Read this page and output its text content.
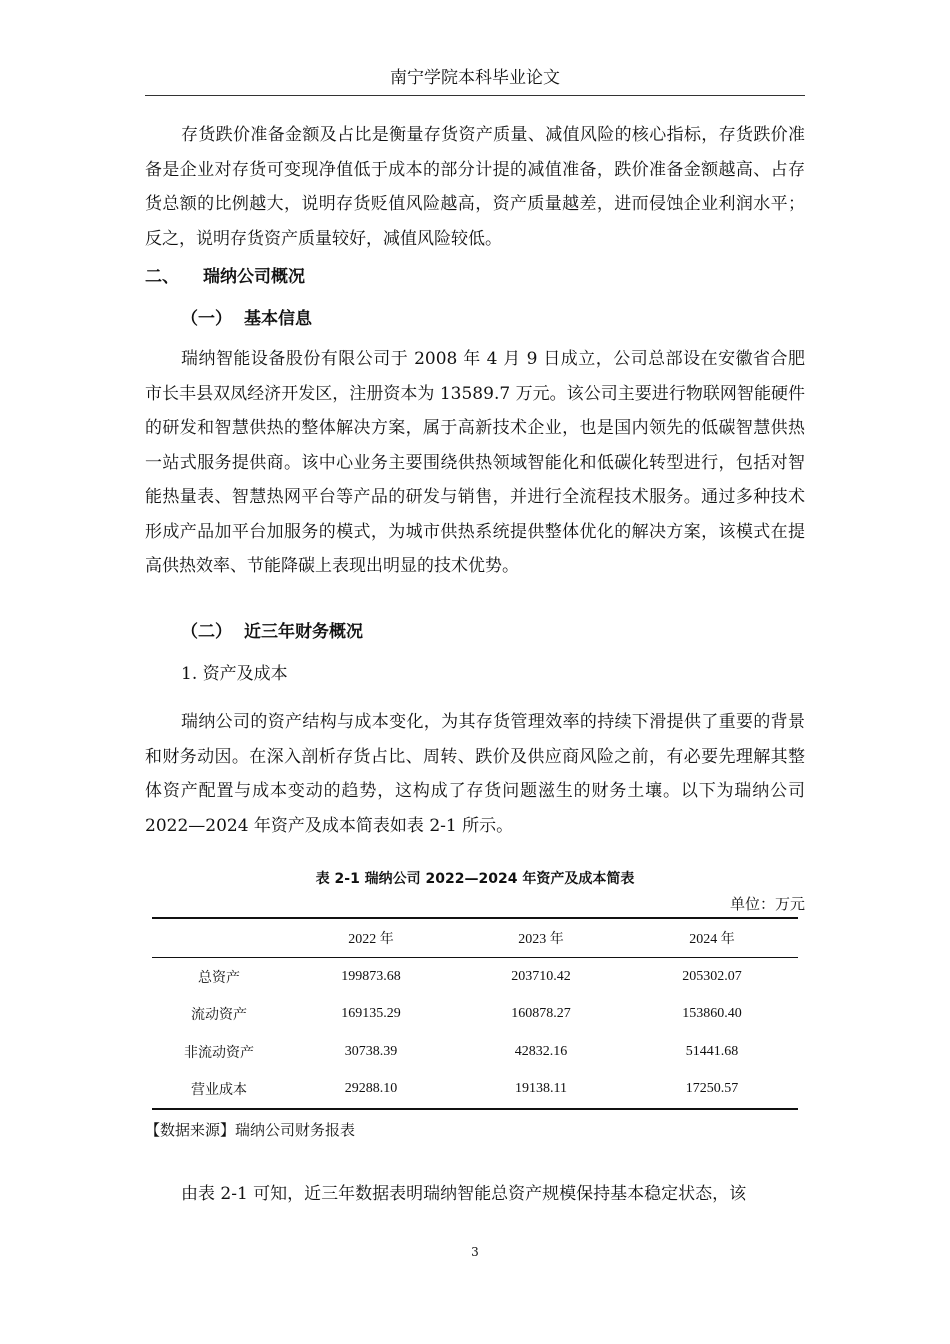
南宁学院本科毕业论文

存货跌价准备金额及占比是衡量存货资产质量、减值风险的核心指标，存货跌价准备是企业对存货可变现净值低于成本的部分计提的减值准备，跌价准备金额越高、占存货总额的比例越大，说明存货贬值风险越高，资产质量越差，进而侵蚀企业利润水平；反之，说明存货资产质量较好，减值风险较低。

二、 瑞纳公司概况
（一） 基本信息

瑞纳智能设备股份有限公司于 2008 年 4 月 9 日成立，公司总部设在安徽省合肥市长丰县双凤经济开发区，注册资本为 13589.7 万元。该公司主要进行物联网智能硬件的研发和智慧供热的整体解决方案，属于高新技术企业，也是国内领先的低碳智慧供热一站式服务提供商。该中心业务主要围绕供热领域智能化和低碳化转型进行，包括对智能热量表、智慧热网平台等产品的研发与销售，并进行全流程技术服务。通过多种技术形成产品加平台加服务的模式，为城市供热系统提供整体优化的解决方案，该模式在提高供热效率、节能降碳上表现出明显的技术优势。

（二） 近三年财务概况

1. 资产及成本

瑞纳公司的资产结构与成本变化，为其存货管理效率的持续下滑提供了重要的背景和财务动因。在深入剖析存货占比、周转、跌价及供应商风险之前，有必要先理解其整体资产配置与成本变动的趋势，这构成了存货问题滋生的财务土壤。以下为瑞纳公司 2022—2024 年资产及成本简表如表 2-1 所示。

表 2-1 瑞纳公司 2022—2024 年资产及成本简表
单位：万元
	2022 年	2023 年	2024 年
总资产	199873.68	203710.42	205302.07
流动资产	169135.29	160878.27	153860.40
非流动资产	30738.39	42832.16	51441.68
营业成本	29288.10	19138.11	17250.57
【数据来源】瑞纳公司财务报表

由表 2-1 可知，近三年数据表明瑞纳智能总资产规模保持基本稳定状态，该

3
